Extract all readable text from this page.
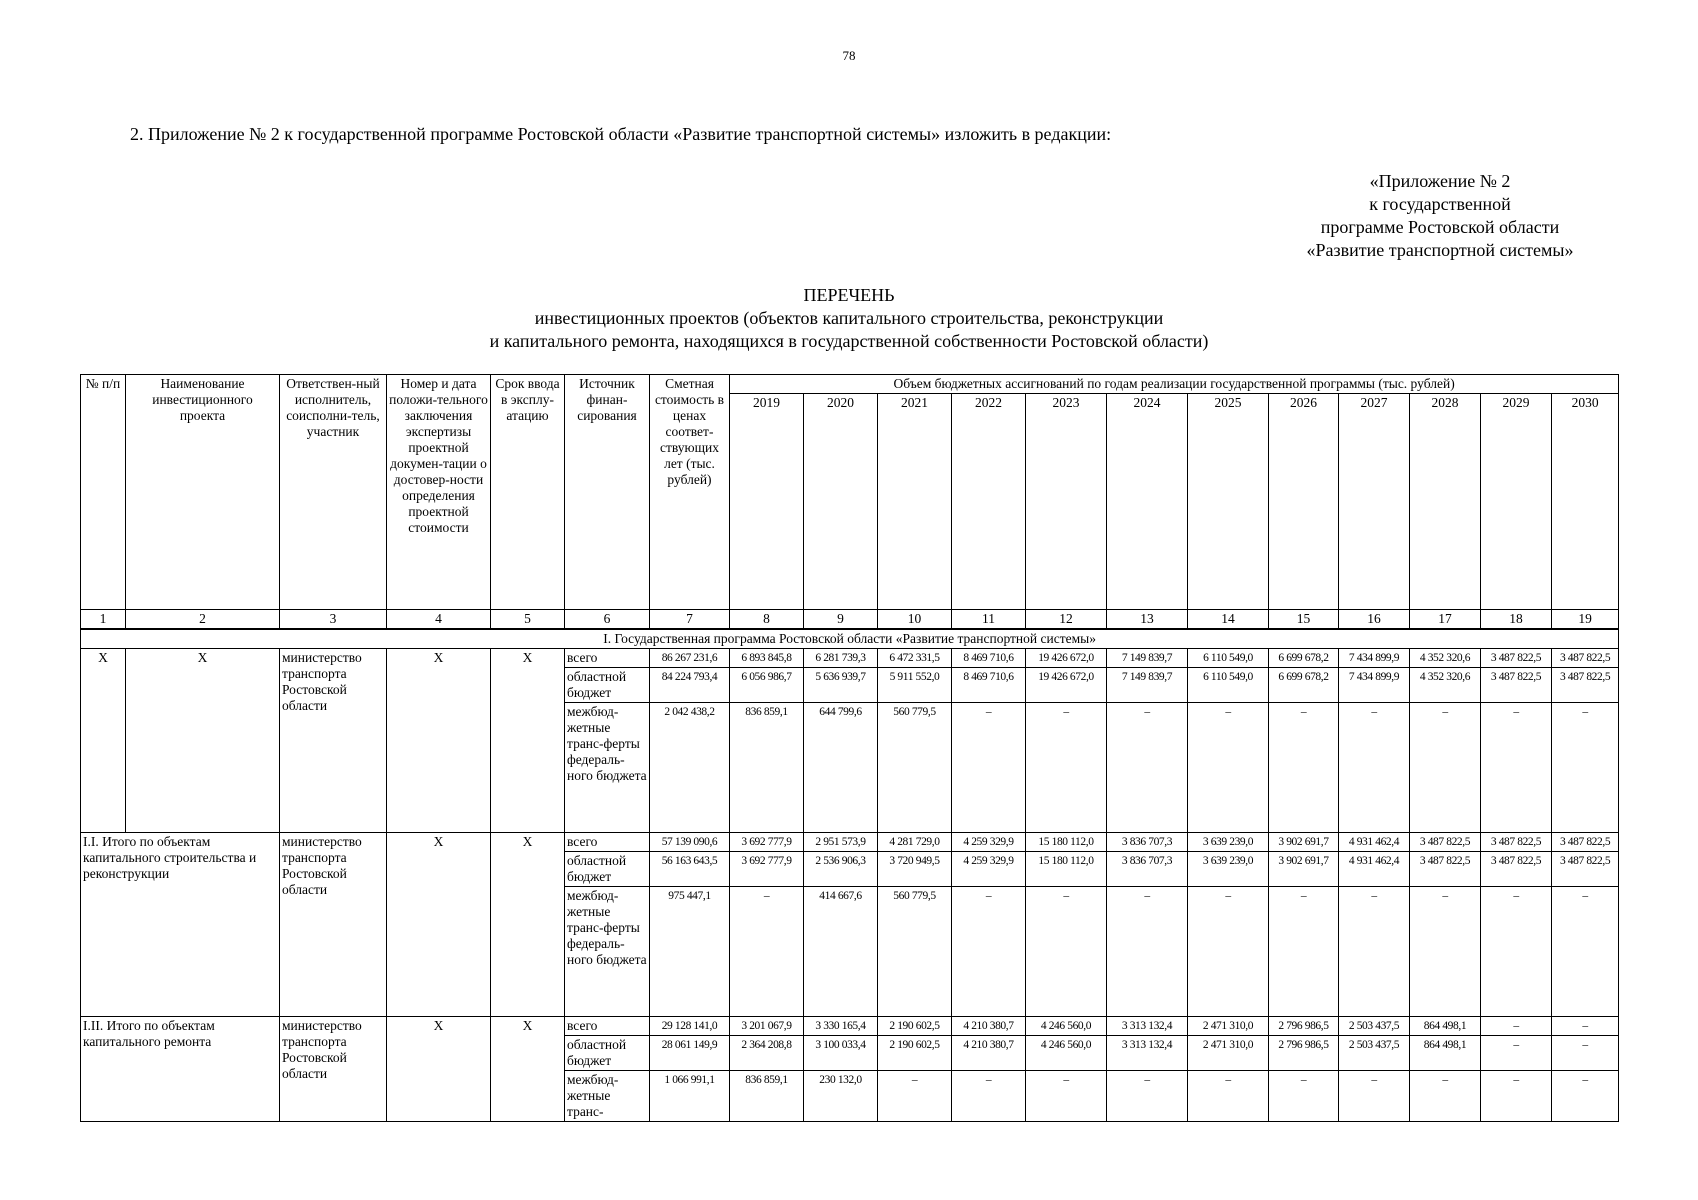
78
2. Приложение № 2 к государственной программе Ростовской области «Развитие транспортной системы» изложить в редакции:
«Приложение № 2
к государственной
программе Ростовской области
«Развитие транспортной системы»
ПЕРЕЧЕНЬ
инвестиционных проектов (объектов капитального строительства, реконструкции
и капитального ремонта, находящихся в государственной собственности Ростовской области)
№ п/п	Наименование инвестиционного проекта	Ответствен-ный исполнитель, соисполни-тель, участник	Номер и дата положи-тельного заключения экспертизы проектной докумен-тации о достовер-ности определения проектной стоимости	Срок ввода в эксплу-атацию	Источник финан-сирования	Сметная стоимость в ценах соответ-ствующих лет (тыс. рублей)	Объем бюджетных ассигнований по годам реализации государственной программы (тыс. рублей)											
							2019	2020	2021	2022	2023	2024	2025	2026	2027	2028	2029	2030
1	2	3	4	5	6	7	8	9	10	11	12	13	14	15	16	17	18	19
I. Государственная программа Ростовской области «Развитие транспортной системы»																		
X	X	министерство транспорта Ростовской области	X	X	всего	86 267 231,6	6 893 845,8	6 281 739,3	6 472 331,5	8 469 710,6	19 426 672,0	7 149 839,7	6 110 549,0	6 699 678,2	7 434 899,9	4 352 320,6	3 487 822,5	3 487 822,5
					областной бюджет	84 224 793,4	6 056 986,7	5 636 939,7	5 911 552,0	8 469 710,6	19 426 672,0	7 149 839,7	6 110 549,0	6 699 678,2	7 434 899,9	4 352 320,6	3 487 822,5	3 487 822,5
					межбюд-жетные транс-ферты федераль-ного бюджета	2 042 438,2	836 859,1	644 799,6	560 779,5	–	–	–	–	–	–	–	–	–
I.I. Итого по объектам капитального строительства и реконструкции		министерство транспорта Ростовской области	X	X	всего	57 139 090,6	3 692 777,9	2 951 573,9	4 281 729,0	4 259 329,9	15 180 112,0	3 836 707,3	3 639 239,0	3 902 691,7	4 931 462,4	3 487 822,5	3 487 822,5	3 487 822,5
					областной бюджет	56 163 643,5	3 692 777,9	2 536 906,3	3 720 949,5	4 259 329,9	15 180 112,0	3 836 707,3	3 639 239,0	3 902 691,7	4 931 462,4	3 487 822,5	3 487 822,5	3 487 822,5
					межбюд-жетные транс-ферты федераль-ного бюджета	975 447,1	–	414 667,6	560 779,5	–	–	–	–	–	–	–	–	–
I.II. Итого по объектам капитального ремонта		министерство транспорта Ростовской области	X	X	всего	29 128 141,0	3 201 067,9	3 330 165,4	2 190 602,5	4 210 380,7	4 246 560,0	3 313 132,4	2 471 310,0	2 796 986,5	2 503 437,5	864 498,1	–	–
					областной бюджет	28 061 149,9	2 364 208,8	3 100 033,4	2 190 602,5	4 210 380,7	4 246 560,0	3 313 132,4	2 471 310,0	2 796 986,5	2 503 437,5	864 498,1	–	–
					межбюд-жетные транс-	1 066 991,1	836 859,1	230 132,0	–	–	–	–	–	–	–	–	–	–
